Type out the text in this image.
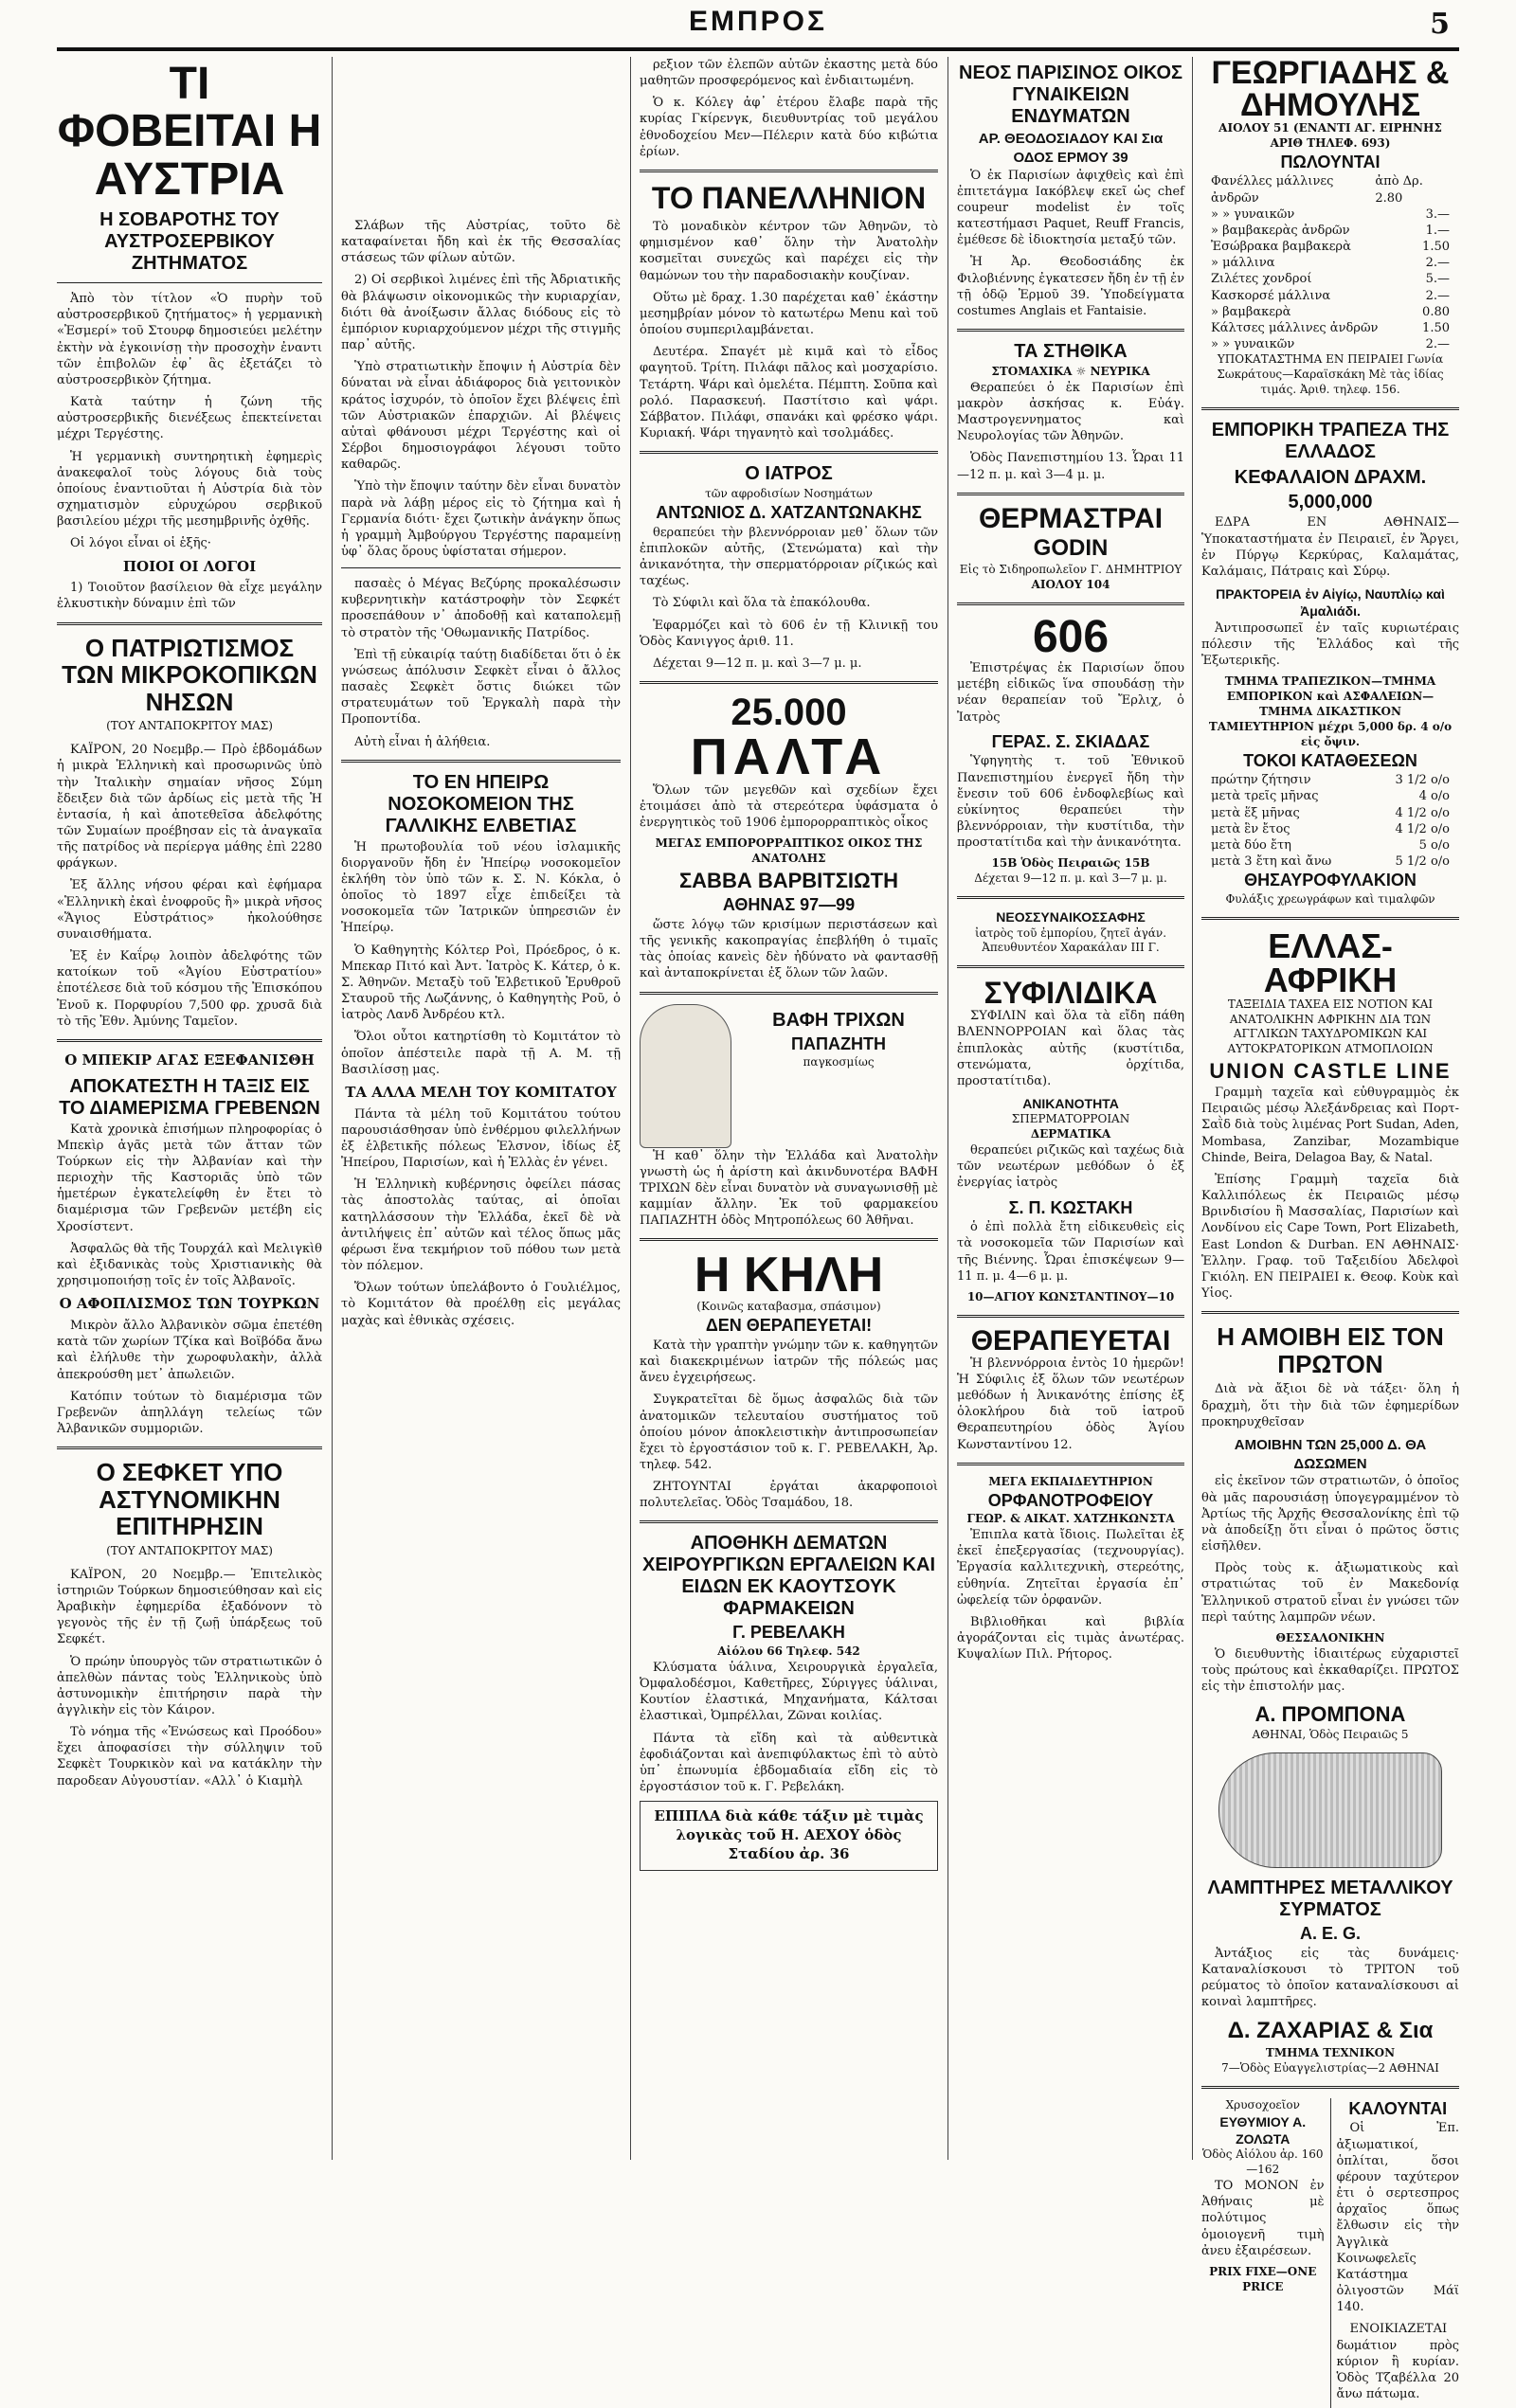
ΕΜΠΡΟΣ	5
ΤΙ ΦΟΒΕΙΤΑΙ Η ΑΥΣΤΡΙΑ
Η ΣΟΒΑΡΟΤΗΣ ΤΟΥ ΑΥΣΤΡΟΣΕΡΒΙΚΟΥ ΖΗΤΗΜΑΤΟΣ

Ἀπὸ τὸν τίτλον «Ὁ πυρὴν τοῦ αὐστροσερβικοῦ ζητήματος» ἡ γερμανικὴ «Ἐσμερί» τοῦ Στουρφ δημοσιεύει μελέτην ἐκτὴν νὰ ἐγκοινίσῃ τὴν προσοχὴν ἐναντι τῶν ἐπιβολῶν ἐφ᾽ ἃς ἐξετάζει τὸ αὐστροσερβικὸν ζήτημα.

Κατὰ ταύτην ἡ ζώνη τῆς αὐστροσερβικῆς διενέξεως ἐπεκτείνεται μέχρι Τεργέστης.

Ἡ γερμανικὴ συντηρητικὴ ἐφημερὶς ἀνακεφαλοῖ τοὺς λόγους διὰ τοὺς ὁποίους ἐναντιοῦται ἡ Αὐστρία διὰ τὸν σχηματισμὸν εὐρυχώρου σερβικοῦ βασιλείου μέχρι τῆς μεσημβρινῆς ὀχθῆς.

Οἱ λόγοι εἶναι οἱ ἑξῆς·

ΠΟΙΟΙ ΟΙ ΛΟΓΟΙ

1) Τοιοῦτον βασίλειον θὰ εἶχε μεγάλην ἑλκυστικὴν δύναμιν ἐπὶ τῶν

Ο ΠΑΤΡΙΩΤΙΣΜΟΣ ΤΩΝ ΜΙΚΡΟΚΟΠΙΚΩΝ ΝΗΣΩΝ
(ΤΟΥ ΑΝΤΑΠΟΚΡΙΤΟΥ ΜΑΣ)

ΚΑΪΡΟΝ, 20 Νοεμβρ.— Πρὸ ἑβδομάδων ἡ μικρὰ Ἑλληνικὴ καὶ προσωρινῶς ὑπὸ τὴν Ἰταλικὴν σημαίαν νῆσος Σύμη ἔδειξεν διὰ τῶν ἀρδίως εἰς μετὰ τῆς Ἡ ἐντασία, ἡ καὶ ἀποτεθεῖσα ἀδελφότης τῶν Συμαίων προέβησαν εἰς τὰ ἀναγκαῖα τῆς πατρίδος νὰ περίεργα μάθης ἐπὶ 2280 φράγκων.

Ἐξ ἄλλης νήσου φέραι καὶ ἐφήμαρα «Ἑλληνικὴ ἐκαὶ ἐνοφροῦς ἢ» μικρὰ νῆσος «Ἅγιος Εὐστράτιος» ἠκολούθησε συναισθήματα.

Ἐξ ἐν Καΐρῳ λοιπὸν ἀδελφότης τῶν κατοίκων τοῦ «Ἁγίου Εὐστρατίου» ἐποτέλεσε διὰ τοῦ κόσμου τῆς Ἐπισκόπου Ἐνοῦ κ. Πορφυρίου 7,500 φρ. χρυσᾶ διὰ τὸ τῆς Ἐθν. Ἀμύνης Ταμεῖον.

Ο ΜΠΕΚΙΡ ΑΓΑΣ ΕΞΕΦΑΝΙΣΘΗ
ΑΠΟΚΑΤΕΣΤΗ Η ΤΑΞΙΣ ΕΙΣ ΤΟ ΔΙΑΜΕΡΙΣΜΑ ΓΡΕΒΕΝΩΝ

Κατὰ χρονικὰ ἐπισήμων πληροφορίας ὁ Μπεκὶρ ἀγᾶς μετὰ τῶν ἄτταν τῶν Τούρκων εἰς τὴν Ἀλβανίαν καὶ τὴν περιοχὴν τῆς Καστοριᾶς ὑπὸ τῶν ἡμετέρων ἐγκατελείφθη ἐν ἔτει τὸ διαμέρισμα τῶν Γρεβενῶν μετέβη εἰς Χροσίστεντ.

Ἀσφαλῶς θὰ τῆς Τουρχάλ καὶ Μελιγκὶθ καὶ ἐξιδανικὰς τοὺς Χριστιανικὴς θὰ χρησιμοποιήσῃ τοῖς ἐν τοῖς Ἀλβανοῖς.

Ο ΑΦΟΠΛΙΣΜΟΣ ΤΩΝ ΤΟΥΡΚΩΝ

Μικρὸν ἄλλο Ἀλβανικὸν σῶμα ἐπετέθη κατὰ τῶν χωρίων Τζίκα καὶ Βοϊβόδα ἄνω καὶ ἐλήλυθε τὴν χωροφυλακὴν, ἀλλὰ ἀπεκρούσθη μετ᾽ ἀπωλειῶν.

Κατόπιν τούτων τὸ διαμέρισμα τῶν Γρεβενῶν ἀπηλλάγη τελείως τῶν Ἀλβανικῶν συμμοριῶν.

Ο ΣΕΦΚΕΤ ΥΠΟ ΑΣΤΥΝΟΜΙΚΗΝ ΕΠΙΤΗΡΗΣΙΝ
(ΤΟΥ ΑΝΤΑΠΟΚΡΙΤΟΥ ΜΑΣ)

ΚΑΪΡΟΝ, 20 Νοεμβρ.— Ἐπιτελικὸς ἱστηριῶν Τούρκων δημοσιεύθησαν καὶ εἰς Ἀραβικὴν ἐφημερίδα ἐξαδόνονν τὸ γεγονὸς τῆς ἐν τῇ ζωῇ ὑπάρξεως τοῦ Σεφκέτ.

Ὁ πρώην ὑπουργὸς τῶν στρατιωτικῶν ὁ ἀπελθὼν πάντας τοὺς Ἑλληνικοὺς ὑπὸ ἀστυνομικὴν ἐπιτήρησιν παρὰ τὴν ἀγγλικὴν εἰς τὸν Κάιρον.

Τὸ νόημα τῆς «Ἐνώσεως καὶ Προόδου» ἔχει ἀποφασίσει τὴν σύλληψιν τοῦ Σεφκὲτ Τουρκικὸν καὶ να κατάκλην τὴν παροδεαν Αὐγουστίαν. «Αλλ᾽ ὁ Κιαμὴλ

Σλάβων τῆς Αὐστρίας, τοῦτο δὲ καταφαίνεται ἤδη καὶ ἐκ τῆς Θεσσαλίας στάσεως τῶν φίλων αὐτῶν.

2) Οἱ σερβικοὶ λιμένες ἐπὶ τῆς Ἀδριατικῆς θὰ βλάψωσιν οἰκονομικῶς τὴν κυριαρχίαν, διότι θὰ ἀνοίξωσιν ἄλλας διόδους εἰς τὸ ἐμπόριον κυριαρχούμενον μέχρι τῆς στιγμῆς παρ᾽ αὐτῆς.

Ὑπὸ στρατιωτικὴν ἔποψιν ἡ Αὐστρία δὲν δύναται νὰ εἶναι ἀδιάφορος διὰ γειτονικὸν κράτος ἰσχυρόν, τὸ ὁποῖον ἔχει βλέψεις ἐπὶ τῶν Αὐστριακῶν ἐπαρχιῶν. Αἱ βλέψεις αὐταὶ φθάνουσι μέχρι Τεργέστης καὶ οἱ Σέρβοι δημοσιογράφοι λέγουσι τοῦτο καθαρῶς.

Ὑπὸ τὴν ἔποψιν ταύτην δὲν εἶναι δυνατὸν παρὰ νὰ λάβῃ μέρος εἰς τὸ ζήτημα καὶ ἡ Γερμανία διότι· ἔχει ζωτικὴν ἀνάγκην ὅπως ἡ γραμμὴ Ἀμβούργου Τεργέστης παραμείνῃ ὑφ᾽ ὅλας ὅρους ὑφίσταται σήμερον.

πασαὲς ὁ Μέγας Βεζύρης προκαλέσωσιν κυβερνητικὴν κατάστροφὴν τὸν Σεφκέτ προσεπάθουν ν᾽ ἀποδοθῇ καὶ καταπολεμῇ τὸ στρατὸν τῆς 'Οθωμανικῆς Πατρίδος.

Ἐπὶ τῇ εὐκαιρίᾳ ταύτῃ διαδίδεται ὅτι ὁ ἐκ γνώσεως ἀπόλυσιν Σεφκὲτ εἶναι ὁ ἄλλος πασαὲς Σεφκὲτ ὅστις διώκει τῶν στρατευμάτων τοῦ Ἐργκαλὴ παρὰ τὴν Προποντίδα.

Αὐτὴ εἶναι ἡ ἀλήθεια.

ΤΟ ΕΝ ΗΠΕΙΡΩ ΝΟΣΟΚΟΜΕΙΟΝ ΤΗΣ ΓΑΛΛΙΚΗΣ ΕΛΒΕΤΙΑΣ

Ἡ πρωτοβουλία τοῦ νέου ἰσλαμικῆς διοργανοῦν ἤδη ἐν Ἠπείρῳ νοσοκομεῖον ἐκλήθη τὸν ὑπὸ τῶν κ. Σ. Ν. Κόκλα, ὁ ὁποῖος τὸ 1897 εἶχε ἐπιδείξει τὰ νοσοκομεῖα τῶν Ἰατρικῶν ὑπηρεσιῶν ἐν Ἠπείρῳ.

Ὁ Καθηγητὴς Κόλτερ Ροὶ, Πρόεδρος, ὁ κ. Μπεκαρ Πιτό καὶ Ἀντ. Ἰατρὸς Κ. Κάτερ, ὁ κ. Σ. Ἀθηνῶν. Μεταξὺ τοῦ Ἑλβετικοῦ Ἐρυθροῦ Σταυροῦ τῆς Λωζάννης, ὁ Καθηγητὴς Ροῦ, ὁ ἰατρὸς Λανδ Ἀνδρέου κτλ.

Ὅλοι οὗτοι κατηρτίσθη τὸ Κομιτάτον τὸ ὁποῖον ἀπέστειλε παρὰ τῇ Α. Μ. τῇ Βασιλίσσῃ μας.

ΤΑ ΑΛΛΑ ΜΕΛΗ ΤΟΥ ΚΟΜΙΤΑΤΟΥ

Πάντα τὰ μέλη τοῦ Κομιτάτου τούτου παρουσιάσθησαν ὑπὸ ἐνθέρμου φιλελλήνων ἐξ ἑλβετικῆς πόλεως Ἐλσνον, ἰδίως ἐξ Ἠπείρου, Παρισίων, καὶ ἡ Ἑλλὰς ἐν γένει.

Ἡ Ἑλληνικὴ κυβέρνησις ὀφείλει πάσας τὰς ἀποστολὰς ταύτας, αἱ ὁποῖαι κατηλλάσσουν τὴν Ἑλλάδα, ἐκεῖ δὲ νὰ ἀντιλήψεις ἐπ᾽ αὐτῶν καὶ τέλος ὅπως μᾶς φέρωσι ἕνα τεκμήριον τοῦ πόθου των μετὰ τὸν πόλεμον.

Ὅλων τούτων ὑπελάβοντο ὁ Γουλιέλμος, τὸ Κομιτάτον θὰ προέλθῃ εἰς μεγάλας μαχὰς καὶ ἐθνικὰς σχέσεις.

ρεξιον τῶν ἐλεπῶν αὐτῶν ἐκαστης μετὰ δύο μαθητῶν προσφερόμενος καὶ ἐνδιαιτωμένη.

Ὁ κ. Κόλεγ ἀφ᾽ ἑτέρου ἔλαβε παρὰ τῆς κυρίας Γκίρενγκ, διευθυντρίας τοῦ μεγάλου ἐθνοδοχείου Μεν—Πέλεριν κατὰ δύο κιβώτια ἐρίων.

ΤΟ ΠΑΝΕΛΛΗΝΙΟΝ

Τὸ μοναδικὸν κέντρον τῶν Ἀθηνῶν, τὸ φημισμένον καθ᾽ ὅλην τὴν Ἀνατολὴν κοσμεῖται συνεχῶς καὶ παρέχει εἰς τὴν θαμώνων του τὴν παραδοσιακὴν κουζίναν.

Οὕτω μὲ δραχ. 1.30 παρέχεται καθ᾽ ἑκάστην μεσημβρίαν μόνον τὸ κατωτέρω Menu καὶ τοῦ ὁποίου συμπεριλαμβάνεται.

Δευτέρα. Σπαγέτ μὲ κιμᾶ καὶ τὸ εἶδος φαγητοῦ. Τρίτη. Πιλάφι πᾶλος καὶ μοσχαρίσιο. Τετάρτη. Ψάρι καὶ ὀμελέτα. Πέμπτη. Σοῦπα καὶ ρολό. Παρασκευή. Παστίτσιο καὶ ψάρι. Σάββατον. Πιλάφι, σπανάκι καὶ φρέσκο ψάρι. Κυριακή. Ψάρι τηγανητὸ καὶ τσολμάδες.

Ο ΙΑΤΡΟΣ
τῶν αφροδισίων Νοσημάτων
ΑΝΤΩΝΙΟΣ Δ. ΧΑΤΖΑΝΤΩΝΑΚΗΣ

θεραπεύει τὴν βλεννόρροιαν μεθ᾽ ὅλων τῶν ἐπιπλοκῶν αὐτῆς, (Στενώματα) καὶ τὴν ἀνικανότητα, τὴν σπερματόρροιαν ρίζικώς καὶ ταχέως.

Τὸ Σύφιλι καὶ ὅλα τὰ ἐπακόλουθα.

Ἐφαρμόζει καὶ τὸ 606 ἐν τῇ Κλινικῇ του Ὁδὸς Κανιγγος ἀριθ. 11.

Δέχεται 9—12 π. μ. καὶ 3—7 μ. μ.

25.000
ΠΑΛΤΑ

Ὅλων τῶν μεγεθῶν καὶ σχεδίων ἔχει ἐτοιμάσει ἀπὸ τὰ στερεότερα ὑφάσματα ὁ ἐνεργητικὸς τοῦ 1906 ἐμπορορραπτικὸς οἶκος

ΜΕΓΑΣ ΕΜΠΟΡΟΡΡΑΠΤΙΚΟΣ ΟΙΚΟΣ ΤΗΣ ΑΝΑΤΟΛΗΣ
ΣΑΒΒΑ ΒΑΡΒΙΤΣΙΩΤΗ
ΑΘΗΝΑΣ 97—99

ὥστε λόγῳ τῶν κρισίμων περιστάσεων καὶ τῆς γενικῆς κακοπραγίας ἐπεβλήθη ὁ τιμαῖς τὰς ὁποίας κανεὶς δὲν ἠδύνατο νὰ φαντασθῇ καὶ ἀνταποκρίνεται ἐξ ὅλων τῶν λαῶν.

ΒΑΦΗ ΤΡΙΧΩΝ
ΠΑΠΑΖΗΤΗ
παγκοσμίως

Ἡ καθ᾽ ὅλην τὴν Ἑλλάδα καὶ Ἀνατολὴν γνωστὴ ὡς ἡ ἀρίστη καὶ ἀκινδυνοτέρα ΒΑΦΗ ΤΡΙΧΩΝ δὲν εἶναι δυνατὸν νὰ συναγωνισθῇ μὲ καμμίαν ἄλλην. Ἐκ τοῦ φαρμακείου ΠΑΠΑΖΗΤΗ ὁδὸς Μητροπόλεως 60 Ἀθῆναι.

Η ΚΗΛΗ
(Κοινῶς καταβασμα, σπάσιμον)
ΔΕΝ ΘΕΡΑΠΕΥΕΤΑΙ!

Κατὰ τὴν γραπτὴν γνώμην τῶν κ. καθηγητῶν καὶ διακεκριμένων ἰατρῶν τῆς πόλεώς μας ἄνευ ἐγχειρήσεως.

Συγκρατεῖται δὲ ὅμως ἀσφαλῶς διὰ τῶν ἀνατομικῶν τελευταίου συστήματος τοῦ ὁποίου μόνον ἀποκλειστικὴν ἀντιπροσωπείαν ἔχει τὸ ἐργοστάσιον τοῦ κ. Γ. ΡΕΒΕΛΑΚΗ, Ἀρ. τηλεφ. 542.

ΖΗΤΟΥΝΤΑΙ ἐργάται ἀκαρφοποιοὶ πολυτελεῖας. Ὁδὸς Τσαμάδου, 18.

ΑΠΟΘΗΚΗ ΔΕΜΑΤΩΝ ΧΕΙΡΟΥΡΓΙΚΩΝ ΕΡΓΑΛΕΙΩΝ ΚΑΙ ΕΙΔΩΝ ΕΚ ΚΑΟΥΤΣΟΥΚ ΦΑΡΜΑΚΕΙΩΝ
Γ. ΡΕΒΕΛΑΚΗ
Αἰόλου 66 Τηλεφ. 542

Κλύσματα ὑάλινα, Χειρουργικὰ ἐργαλεῖα, Ὀμφαλοδέσμοι, Καθετῆρες, Σύριγγες ὑάλιναι, Κουτίον ἐλαστικά, Μηχανήματα, Κάλτσαι ἐλαστικαὶ, Ὀμπρέλλαι, Ζῶναι κοιλίας.

Πάντα τὰ εἴδη καὶ τὰ αὐθεντικὰ ἐφοδιάζονται καὶ ἀνεπιφύλακτως ἐπὶ τὸ αὐτὸ ὑπ᾽ ἐπωνυμία ἑβδομαδιαία εἴδη εἰς τὸ ἐργοστάσιον τοῦ κ. Γ. Ρεβελάκη.

ΕΠΙΠΛΑ διὰ κάθε τάξιν μὲ τιμὰς λογικὰς τοῦ Η. ΑΕΧΟΥ ὁδὸς Σταδίου ἀρ. 36
ΝΕΟΣ ΠΑΡΙΣΙΝΟΣ ΟΙΚΟΣ ΓΥΝΑΙΚΕΙΩΝ ΕΝΔΥΜΑΤΩΝ
ΑΡ. ΘΕΟΔΟΣΙΑΔΟΥ ΚΑΙ Σια
ΟΔΟΣ ΕΡΜΟΥ 39

Ὁ ἐκ Παρισίων ἀφιχθεὶς καὶ ἐπὶ ἐπιτετάγμα Ιακόβλεψ εκεῖ ὡς chef coupeur modelist ἐν τοῖς κατεστήμασι Paquet, Reuff Francis, ἐμέθεσε δὲ ἰδιοκτησία μεταξύ τῶν.

Ἡ Ἀρ. Θεοδοσιάδης ἐκ Φιλοβιέννης ἐγκατεσεν ἤδη ἐν τῇ ἐν τῇ ὁδῷ Ἑρμοῦ 39. Ὑποδείγματα costumes Anglais et Fantaisie.

ΤΑ ΣΤΗΘΙΚΑ
ΣΤΟΜΑΧΙΚΑ ☼ ΝΕΥΡΙΚΑ

Θεραπεύει ὁ ἐκ Παρισίων ἐπὶ μακρὸν ἀσκήσας κ. Εὐάγ. Μαστρογεννηματος καὶ Νευρολογίας τῶν Ἀθηνῶν.

Ὁδὸς Πανεπιστημίου 13. Ὧραι 11—12 π. μ. καὶ 3—4 μ. μ.

ΘΕΡΜΑΣΤΡΑΙ
GODIN
Εἰς τὸ Σιδηροπωλεῖον Γ. ΔΗΜΗΤΡΙΟΥ
ΑΙΟΛΟΥ 104
606

Ἐπιστρέψας ἐκ Παρισίων ὅπου μετέβη εἰδικῶς ἵνα σπουδάσῃ τὴν νέαν θεραπείαν τοῦ Ἔρλιχ, ὁ Ἰατρὸς

ΓΕΡΑΣ. Σ. ΣΚΙΑΔΑΣ

Ὑφηγητὴς τ. τοῦ Ἐθνικοῦ Πανεπιστημίου ἐνεργεῖ ἤδη τὴν ἔνεσιν τοῦ 606 ἐνδοφλεβίως καὶ εὐκίνητος θεραπεύει τὴν βλεννόρροιαν, τὴν κυστίτιδα, τὴν προστατίτιδα καὶ τὴν ἀνικανότητα.

15Β Ὁδὸς Πειραιῶς 15Β
Δέχεται 9—12 π. μ. καὶ 3—7 μ. μ.
ΝΕΟΣΣΥΝΑΙΚΟΣΣΑΦΗΣ
ἰατρὸς τοῦ ἐμπορίου, ζητεῖ ἀγάν. Ἀπευθυντέον Χαρακάλαν ΙΙΙ Γ.
ΣΥΦΙΛΙΔΙΚΑ

ΣΥΦΙΛΙΝ καὶ ὅλα τὰ εἴδη πάθη ΒΛΕΝΝΟΡΡΟΙΑΝ καὶ ὅλας τὰς ἐπιπλοκὰς αὐτῆς (κυστίτιδα, στενώματα, ὀρχίτιδα, προστατίτιδα).

ΑΝΙΚΑΝΟΤΗΤΑ
ΣΠΕΡΜΑΤΟΡΡΟΙΑΝ
ΔΕΡΜΑΤΙΚΑ

θεραπεύει ριζικῶς καὶ ταχέως διὰ τῶν νεωτέρων μεθόδων ὁ ἐξ ἐνεργίας ἰατρὸς

Σ. Π. ΚΩΣΤΑΚΗ

ὁ ἐπὶ πολλὰ ἔτη εἰδικευθεὶς εἰς τὰ νοσοκομεῖα τῶν Παρισίων καὶ τῆς Βιέννης. Ὧραι ἐπισκέψεων 9—11 π. μ. 4—6 μ. μ.

10—ΑΓΙΟΥ ΚΩΝΣΤΑΝΤΙΝΟΥ—10
ΘΕΡΑΠΕΥΕΤΑΙ

Ἡ βλεννόρροια ἐντὸς 10 ἡμερῶν! Ἡ Σύφιλις ἐξ ὅλων τῶν νεωτέρων μεθόδων ἡ Ἀνικανότης ἐπίσης ἐξ ὁλοκλήρου διὰ τοῦ ἰατροῦ Θεραπευτηρίου ὁδὸς Ἁγίου Κωνσταντίνου 12.

ΜΕΓΑ ΕΚΠΑΙΔΕΥΤΗΡΙΟΝ
ΟΡΦΑΝΟΤΡΟΦΕΙΟΥ
ΓΕΩΡ. & ΑΙΚΑΤ. ΧΑΤΖΗΚΩΝΣΤΑ

Ἐπιπλα κατὰ ἴδιοις. Πωλεῖται ἐξ ἐκεῖ ἐπεξεργασίας (τεχνουργίας). Ἐργασία καλλιτεχνικὴ, στερεότης, εὐθηνία. Ζητεῖται ἐργασία ἐπ᾽ ὠφελείᾳ τῶν ὀρφανῶν.

Βιβλιοθῆκαι καὶ βιβλία ἀγοράζονται εἰς τιμὰς ἀνωτέρας. Κυψαλίων Πιλ. Ρήτορος.

ΓΕΩΡΓΙΑΔΗΣ & ΔΗΜΟΥΛΗΣ
ΑΙΟΛΟΥ 51 (ΕΝΑΝΤΙ ΑΓ. ΕΙΡΗΝΗΣ ΑΡΙΘ ΤΗΛΕΦ. 693)
ΠΩΛΟΥΝΤΑΙ
Φανέλλες μάλλινες ἀνδρῶν
ἀπὸ Δρ. 2.80
» » γυναικῶν	3.—
» βαμβακερὰς ἀνδρῶν	1.—
Ἐσώβρακα βαμβακερὰ	1.50
» μάλλινα	2.—
Ζιλέτες χονδροί	5.—
Κασκορσέ μάλλινα	2.—
» βαμβακερὰ	0.80
Κάλτσες μάλλινες ἀνδρῶν	1.50
» » γυναικῶν	2.—
ΥΠΟΚΑΤΑΣΤΗΜΑ ΕΝ ΠΕΙΡΑΙΕΙ Γωνία Σωκράτους—Καραϊσκάκη Μὲ τὰς ἰδίας τιμάς. Ἀριθ. τηλεφ. 156.
ΕΜΠΟΡΙΚΗ ΤΡΑΠΕΖΑ ΤΗΣ ΕΛΛΑΔΟΣ
ΚΕΦΑΛΑΙΟΝ ΔΡΑΧΜ. 5,000,000

ΕΔΡΑ ΕΝ ΑΘΗΝΑΙΣ—Ὑποκαταστήματα ἐν Πειραιεῖ, ἐν Ἄργει, ἐν Πύργῳ Κερκύρας, Καλαμάτας, Καλάμαις, Πάτραις καὶ Σύρῳ.

ΠΡΑΚΤΟΡΕΙΑ ἐν Αἰγίῳ, Ναυπλίῳ καὶ Ἀμαλιάδι.

Ἀντιπροσωπεῖ ἐν ταῖς κυριωτέραις πόλεσιν τῆς Ἑλλάδος καὶ τῆς Ἐξωτερικῆς.

ΤΜΗΜΑ ΤΡΑΠΕΖΙΚΟΝ—ΤΜΗΜΑ ΕΜΠΟΡΙΚΟΝ καὶ ΑΣΦΑΛΕΙΩΝ—ΤΜΗΜΑ ΔΙΚΑΣΤΙΚΟΝ
ΤΑΜΙΕΥΤΗΡΙΟΝ μέχρι 5,000 δρ. 4 ο/ο εἰς ὄψιν.
ΤΟΚΟΙ ΚΑΤΑΘΕΣΕΩΝ
πρώτην ζήτησιν	3 1/2 ο/ο
μετὰ τρεῖς μῆνας	4 ο/ο
μετὰ ἕξ μῆνας	4 1/2 ο/ο
μετὰ ἓν ἔτος	4 1/2 ο/ο
μετὰ δύο ἔτη	5 ο/ο
μετὰ 3 ἔτη καὶ ἄνω	5 1/2 ο/ο
ΘΗΣΑΥΡΟΦΥΛΑΚΙΟΝ
Φυλάξις χρεωγράφων καὶ τιμαλφῶν
ΕΛΛΑΣ-ΑΦΡΙΚΗ
ΤΑΞΕΙΔΙΑ ΤΑΧΕΑ ΕΙΣ ΝΟΤΙΟΝ ΚΑΙ ΑΝΑΤΟΛΙΚΗΝ ΑΦΡΙΚΗΝ ΔΙΑ ΤΩΝ ΑΓΓΛΙΚΩΝ ΤΑΧΥΔΡΟΜΙΚΩΝ ΚΑΙ ΑΥΤΟΚΡΑΤΟΡΙΚΩΝ ΑΤΜΟΠΛΟΙΩΝ
UNION CASTLE LINE

Γραμμὴ ταχεῖα καὶ εὐθυγραμμὸς ἐκ Πειραιῶς μέσῳ Ἀλεξάνδρειας καὶ Πορτ-Σαῒδ διὰ τοὺς λιμένας Port Sudan, Aden, Mombasa, Zanzibar, Mozambique Chinde, Beira, Delagoa Bay, & Natal.

Ἐπίσης Γραμμὴ ταχεῖα διὰ Καλλιπόλεως ἐκ Πειραιῶς μέσῳ Βρινδισίου ἢ Μασσαλίας, Παρισίων καὶ Λονδίνου εἰς Cape Town, Port Elizabeth, East London & Durban. ΕΝ ΑΘΗΝΑΙΣ· Ἑλλην. Γραφ. τοῦ Ταξειδίου Ἀδελφοὶ Γκιόλη. ΕΝ ΠΕΙΡΑΙΕΙ κ. Θεοφ. Κοὺκ καὶ Υἱος.

Η ΑΜΟΙΒΗ ΕΙΣ ΤΟΝ ΠΡΩΤΟΝ

Διὰ νὰ ἄξιοι δὲ νὰ τάξει· ὅλη ἡ δραχμὴ, ὅτι τὴν διὰ τῶν ἐφημερίδων προκηρυχθεῖσαν

ΑΜΟΙΒΗΝ ΤΩΝ 25,000 Δ. ΘΑ ΔΩΣΩΜΕΝ

εἰς ἐκεῖνον τῶν στρατιωτῶν, ὁ ὁποῖος θὰ μᾶς παρουσιάσῃ ὑπογεγραμμένον τὸ Ἀρτίως τῆς Ἀρχῆς Θεσσαλονίκης ἐπὶ τῷ νὰ ἀποδείξῃ ὅτι εἶναι ὁ πρῶτος ὅστις εἰσῆλθεν.

Πρὸς τοὺς κ. ἀξιωματικοὺς καὶ στρατιώτας τοῦ ἐν Μακεδονίᾳ Ἑλληνικοῦ στρατοῦ εἶναι ἐν γνώσει τῶν περὶ ταύτης λαμπρῶν νέων.

ΘΕΣΣΑΛΟΝΙΚΗΝ

Ὁ διευθυντὴς ἰδιαιτέρως εὐχαριστεῖ τοὺς πρώτους καὶ ἐκκαθαρίζει. ΠΡΩΤΟΣ εἰς τὴν ἐπιστολήν μας.

Α. ΠΡΟΜΠΟΝΑ
ΑΘΗΝΑΙ, Ὁδὸς Πειραιῶς 5
ΛΑΜΠΤΗΡΕΣ ΜΕΤΑΛΛΙΚΟΥ ΣΥΡΜΑΤΟΣ
A. E. G.

Ἀντάξιος εἰς τὰς δυνάμεις· Καταναλίσκουσι τὸ ΤΡΙΤΟΝ τοῦ ρεύματος τὸ ὁποῖον καταναλίσκουσι αἱ κοιναὶ λαμπτῆρες.

Δ. ΖΑΧΑΡΙΑΣ & Σια
ΤΜΗΜΑ ΤΕΧΝΙΚΟΝ
7—Ὁδὸς Εὐαγγελιστρίας—2 ΑΘΗΝΑΙ
Χρυσοχοεῖον
ΕΥΘΥΜΙΟΥ Α. ΖΟΛΩΤΑ
Ὁδὸς Αἰόλου ἀρ. 160—162

ΤΟ ΜΟΝΟΝ ἐν Ἀθήναις μὲ πολύτιμος ὁμοιογενῆ τιμὴ ἀνευ ἐξαιρέσεων.

PRIX FIXE—ONE PRICE
ΚΑΛΟΥΝΤΑΙ

Οἱ Ἐπ. ἀξιωματικοί, ὁπλίται, ὅσοι φέρουν ταχύτερον ἐτι ὁ σερτεσπρος ἀρχαῖος ὅπως ἔλθωσιν εἰς τὴν Ἀγγλικὰ Κοινωφελεῖς Κατάστημα ὀλιγοστῶν Μάϊ 140.

ΕΝΟΙΚΙΑΖΕΤΑΙ δωμάτιον πρὸς κύριον ἢ κυρίαν. Ὁδὸς Τζαβέλλα 20 ἄνω πάτωμα.
